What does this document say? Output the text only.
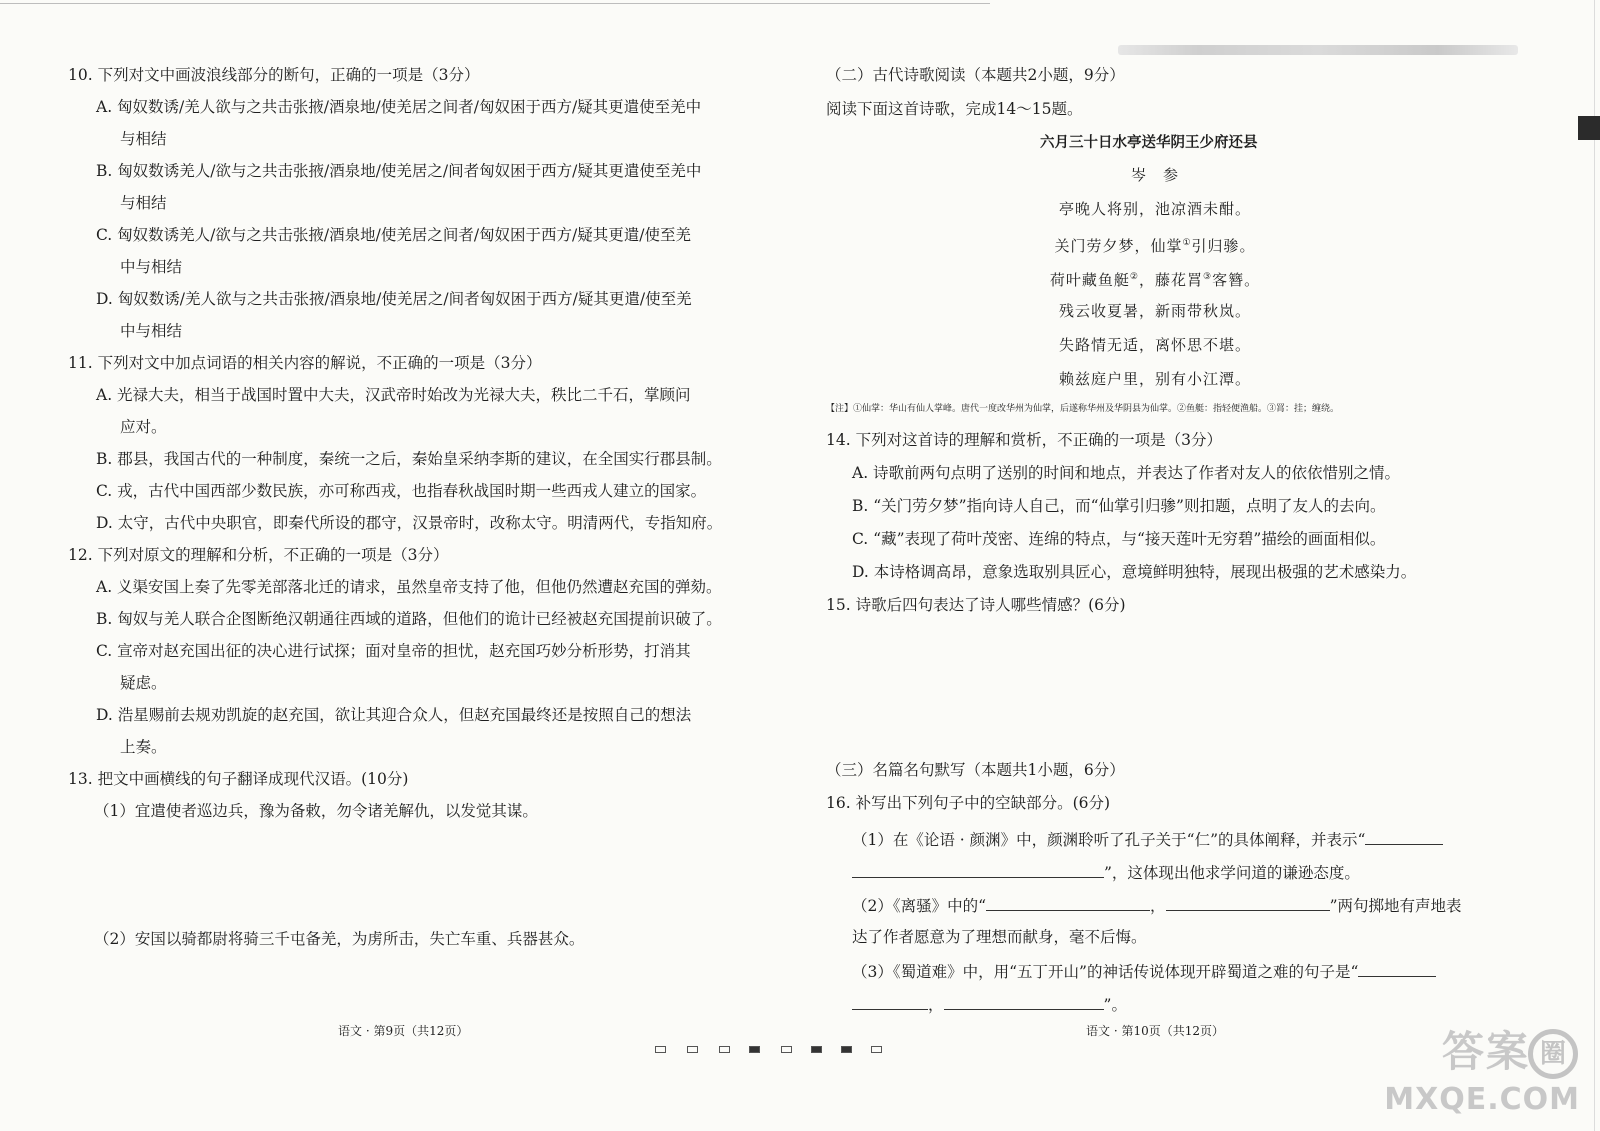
10. 下列对文中画波浪线部分的断句，正确的一项是（3分）
A. 匈奴数诱/羌人欲与之共击张掖/酒泉地/使羌居之间者/匈奴困于西方/疑其更遣使至羌中
与相结
B. 匈奴数诱羌人/欲与之共击张掖/酒泉地/使羌居之/间者匈奴困于西方/疑其更遣使至羌中
与相结
C. 匈奴数诱羌人/欲与之共击张掖/酒泉地/使羌居之间者/匈奴困于西方/疑其更遣/使至羌
中与相结
D. 匈奴数诱/羌人欲与之共击张掖/酒泉地/使羌居之/间者匈奴困于西方/疑其更遣/使至羌
中与相结
11. 下列对文中加点词语的相关内容的解说，不正确的一项是（3分）
A. 光禄大夫，相当于战国时置中大夫，汉武帝时始改为光禄大夫，秩比二千石，掌顾问
应对。
B. 郡县，我国古代的一种制度，秦统一之后，秦始皇采纳李斯的建议，在全国实行郡县制。
C. 戎，古代中国西部少数民族，亦可称西戎，也指春秋战国时期一些西戎人建立的国家。
D. 太守，古代中央职官，即秦代所设的郡守，汉景帝时，改称太守。明清两代，专指知府。
12. 下列对原文的理解和分析，不正确的一项是（3分）
A. 义渠安国上奏了先零羌部落北迁的请求，虽然皇帝支持了他，但他仍然遭赵充国的弹劾。
B. 匈奴与羌人联合企图断绝汉朝通往西域的道路，但他们的诡计已经被赵充国提前识破了。
C. 宣帝对赵充国出征的决心进行试探；面对皇帝的担忧，赵充国巧妙分析形势，打消其
疑虑。
D. 浩星赐前去规劝凯旋的赵充国，欲让其迎合众人，但赵充国最终还是按照自己的想法
上奏。
13. 把文中画横线的句子翻译成现代汉语。(10分)
（1）宜遣使者巡边兵，豫为备敕，勿令诸羌解仇，以发觉其谋。
（2）安国以骑都尉将骑三千屯备羌，为虏所击，失亡车重、兵器甚众。
语文 · 第9页（共12页）
（二）古代诗歌阅读（本题共2小题，9分）
阅读下面这首诗歌，完成14～15题。
六月三十日水亭送华阴王少府还县
岑　参
亭晚人将别，池凉酒未酣。
关门劳夕梦，仙掌①引归骖。
荷叶藏鱼艇②，藤花罥③客簪。
残云收夏暑，新雨带秋岚。
失路情无适，离怀思不堪。
赖兹庭户里，别有小江潭。
【注】①仙掌：华山有仙人掌峰。唐代一度改华州为仙掌，后遂称华州及华阴县为仙掌。②鱼艇：指轻便渔船。③罥：挂；缠绕。
14. 下列对这首诗的理解和赏析，不正确的一项是（3分）
A. 诗歌前两句点明了送别的时间和地点，并表达了作者对友人的依依惜别之情。
B. “关门劳夕梦”指向诗人自己，而“仙掌引归骖”则扣题，点明了友人的去向。
C. “藏”表现了荷叶茂密、连绵的特点，与“接天莲叶无穷碧”描绘的画面相似。
D. 本诗格调高昂，意象选取别具匠心，意境鲜明独特，展现出极强的艺术感染力。
15. 诗歌后四句表达了诗人哪些情感？(6分)
（三）名篇名句默写（本题共1小题，6分）
16. 补写出下列句子中的空缺部分。(6分)
（1）在《论语 · 颜渊》中，颜渊聆听了孔子关于“仁”的具体阐释，并表示“
”，这体现出他求学问道的谦逊态度。
（2）《离骚》中的“	，	”两句掷地有声地表
达了作者愿意为了理想而献身，毫不后悔。
（3）《蜀道难》中，用“五丁开山”的神话传说体现开辟蜀道之难的句子是“
，	”。
语文 · 第10页（共12页）	答案 圈
MXQE.COM
